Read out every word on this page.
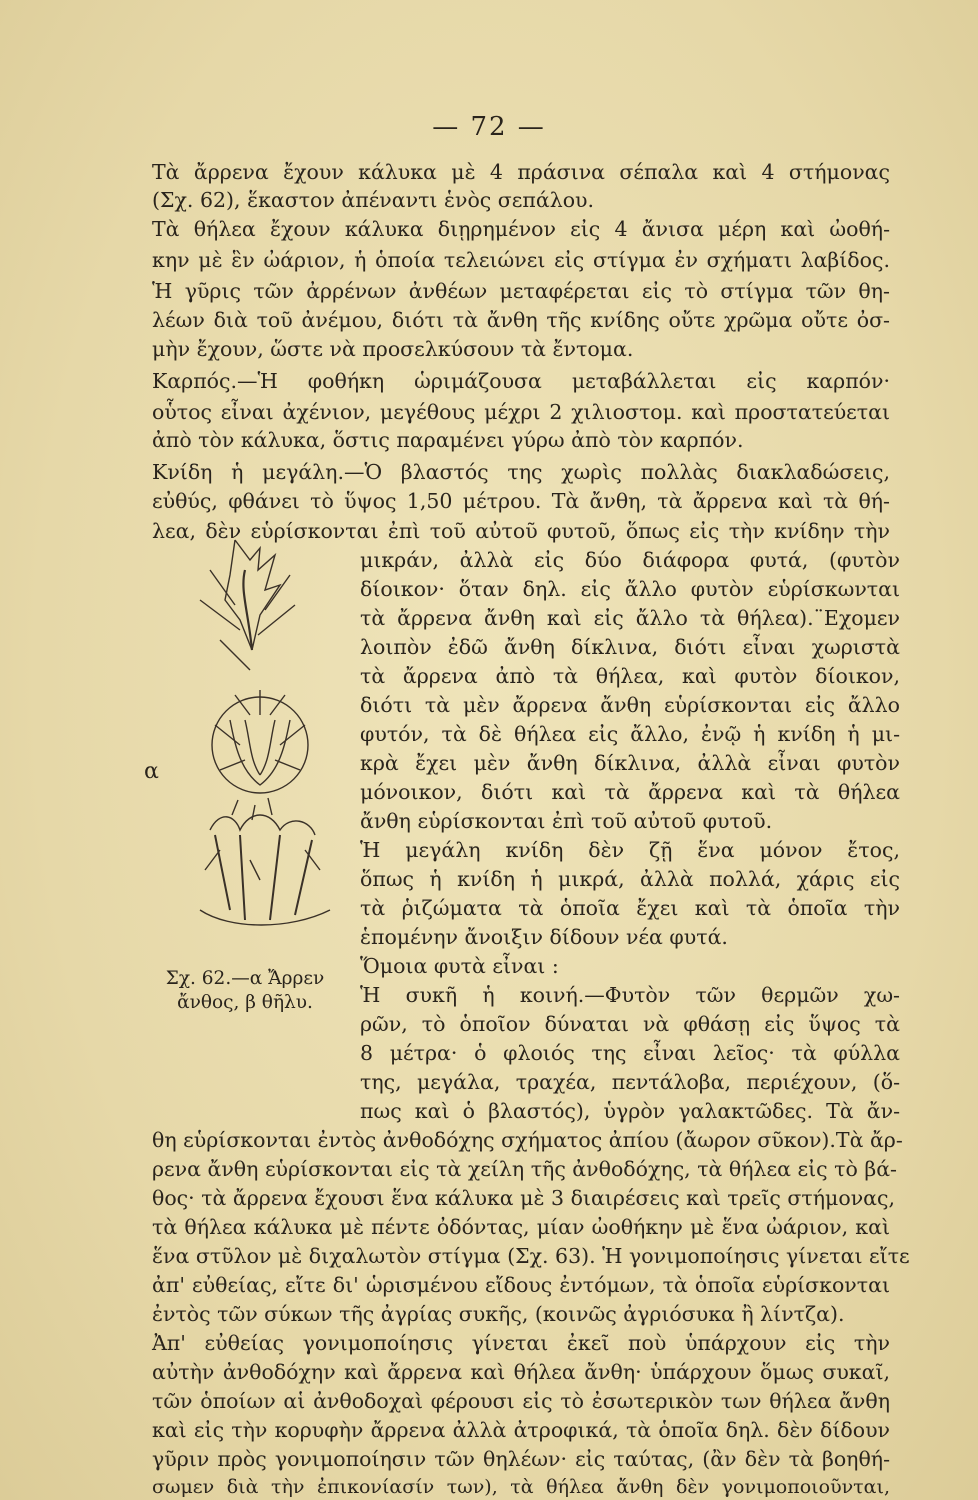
— 72 —
Τὰ ἄρρενα ἔχουν κάλυκα μὲ 4 πράσινα σέπαλα καὶ 4 στήμονας
(Σχ. 62), ἕκαστον ἀπέναντι ἑνὸς σεπάλου.
Τὰ θήλεα ἔχουν κάλυκα διῃρημένον εἰς 4 ἄνισα μέρη καὶ ὠοθή-
κην μὲ ἓν ὠάριον, ἡ ὁποία τελειώνει εἰς στίγμα ἐν σχήματι λαβίδος.
Ἡ γῦρις τῶν ἀρρένων ἀνθέων μεταφέρεται εἰς τὸ στίγμα τῶν θη-
λέων διὰ τοῦ ἀνέμου, διότι τὰ ἄνθη τῆς κνίδης οὔτε χρῶμα οὔτε ὀσ-
μὴν ἔχουν, ὥστε νὰ προσελκύσουν τὰ ἔντομα.
Καρπός.—Ἡ φοθήκη ὡριμάζουσα μεταβάλλεται εἰς καρπόν·
οὗτος εἶναι ἀχένιον, μεγέθους μέχρι 2 χιλιοστομ. καὶ προστατεύεται
ἀπὸ τὸν κάλυκα, ὅστις παραμένει γύρω ἀπὸ τὸν καρπόν.
Κνίδη ἡ μεγάλη.—Ὁ βλαστός της χωρὶς πολλὰς διακλαδώσεις,
εὐθύς, φθάνει τὸ ὕψος 1,50 μέτρου. Τὰ ἄνθη, τὰ ἄρρενα καὶ τὰ θή-
λεα, δὲν εὑρίσκονται ἐπὶ τοῦ αὐτοῦ φυτοῦ, ὅπως εἰς τὴν κνίδην τὴν
μικράν, ἀλλὰ εἰς δύο διάφορα φυτά, (φυτὸν
δίοικον· ὅταν δηλ. εἰς ἄλλο φυτὸν εὑρίσκωνται
τὰ ἄρρενα ἄνθη καὶ εἰς ἄλλο τὰ θήλεα).¨Εχομεν
λοιπὸν ἐδῶ ἄνθη δίκλινα, διότι εἶναι χωριστὰ
τὰ ἄρρενα ἀπὸ τὰ θήλεα, καὶ φυτὸν δίοικον,
διότι τὰ μὲν ἄρρενα ἄνθη εὑρίσκονται εἰς ἄλλο
φυτόν, τὰ δὲ θήλεα εἰς ἄλλο, ἐνῷ ἡ κνίδη ἡ μι-
κρὰ ἔχει μὲν ἄνθη δίκλινα, ἀλλὰ εἶναι φυτὸν
μόνοικον, διότι καὶ τὰ ἄρρενα καὶ τὰ θήλεα
ἄνθη εὑρίσκονται ἐπὶ τοῦ αὐτοῦ φυτοῦ.
Ἡ μεγάλη κνίδη δὲν ζῇ ἕνα μόνον ἔτος,
ὅπως ἡ κνίδη ἡ μικρά, ἀλλὰ πολλά, χάρις εἰς
τὰ ῥιζώματα τὰ ὁποῖα ἔχει καὶ τὰ ὁποῖα τὴν
ἑπομένην ἄνοιξιν δίδουν νέα φυτά.
Ὅμοια φυτὰ εἶναι :
Ἡ συκῆ ἡ κοινή.—Φυτὸν τῶν θερμῶν χω-
ρῶν, τὸ ὁποῖον δύναται νὰ φθάσῃ εἰς ὕψος τὰ
8 μέτρα· ὁ φλοιός της εἶναι λεῖος· τὰ φύλλα
της, μεγάλα, τραχέα, πεντάλοβα, περιέχουν, (ὅ-
πως καὶ ὁ βλαστός), ὑγρὸν γαλακτῶδες. Τὰ ἄν-
θη εὑρίσκονται ἐντὸς ἀνθοδόχης σχήματος ἀπίου (ἄωρον σῦκον).Τὰ ἄρ-
ρενα ἄνθη εὑρίσκονται εἰς τὰ χείλη τῆς ἀνθοδόχης, τὰ θήλεα εἰς τὸ βά-
θος· τὰ ἄρρενα ἔχουσι ἕνα κάλυκα μὲ 3 διαιρέσεις καὶ τρεῖς στήμονας,
τὰ θήλεα κάλυκα μὲ πέντε ὀδόντας, μίαν ὠοθήκην μὲ ἕνα ὠάριον, καὶ
ἕνα στῦλον μὲ διχαλωτὸν στίγμα (Σχ. 63). Ἡ γονιμοποίησις γίνεται εἴτε
ἀπ' εὐθείας, εἴτε δι' ὡρισμένου εἴδους ἐντόμων, τὰ ὁποῖα εὑρίσκονται
ἐντὸς τῶν σύκων τῆς ἀγρίας συκῆς, (κοινῶς ἀγριόσυκα ἢ λίντζα).
Ἀπ' εὐθείας γονιμοποίησις γίνεται ἐκεῖ ποὺ ὑπάρχουν εἰς τὴν
αὐτὴν ἀνθοδόχην καὶ ἄρρενα καὶ θήλεα ἄνθη· ὑπάρχουν ὅμως συκαῖ,
τῶν ὁποίων αἱ ἀνθοδοχαὶ φέρουσι εἰς τὸ ἐσωτερικὸν των θήλεα ἄνθη
καὶ εἰς τὴν κορυφὴν ἄρρενα ἀλλὰ ἀτροφικά, τὰ ὁποῖα δηλ. δὲν δίδουν
γῦριν πρὸς γονιμοποίησιν τῶν θηλέων· εἰς ταύτας, (ἂν δὲν τὰ βοηθή-
σωμεν διὰ τὴν ἐπικονίασίν των), τὰ θήλεα ἄνθη δὲν γονιμοποιοῦνται,
α
Σχ. 62.—α Ἄρρεν
ἄνθος, β θῆλυ.
